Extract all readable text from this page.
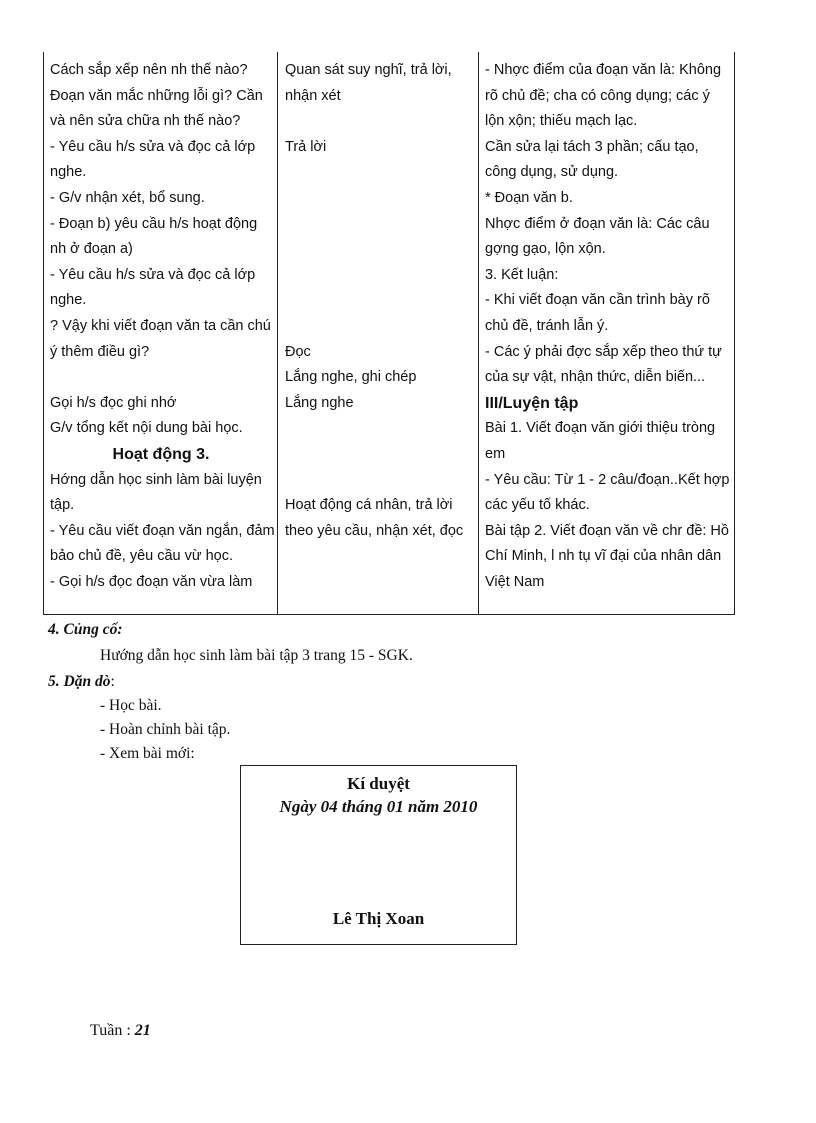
Cách sắp xếp nên nh thế nào?
Đoạn văn mắc những lỗi gì? Cần
và nên sửa chữa nh thế nào?
- Yêu cầu h/s sửa và đọc cả lớp
nghe.
- G/v nhận xét, bổ sung.
- Đoạn b) yêu cầu h/s hoạt động
nh ở đoạn a)
- Yêu cầu h/s sửa và đọc cả lớp
nghe.
? Vậy khi viết đoạn văn ta cần chú
ý thêm điều gì?
Gọi h/s đọc ghi nhớ
G/v tổng kết nội dung bài học.
Hoạt động 3.
Hớng dẫn học sinh làm bài luyện
tập.
- Yêu cầu viết đoạn văn ngắn, đảm
bảo chủ đề, yêu cầu vừ học.
- Gọi h/s đọc đoạn văn vừa làm
Quan sát suy nghĩ, trả lời,
nhận xét
Trả lời
Đọc
Lắng nghe, ghi chép
Lắng nghe
Hoạt động cá nhân, trả lời
theo yêu cầu, nhận xét, đọc
- Nhợc điểm của đoạn văn là: Không
rõ chủ đề; cha có công dụng; các ý
lộn xộn; thiếu mạch lạc.
Cần sửa lại tách 3 phần; cấu tạo,
công dụng, sử dụng.
* Đoạn văn b.
Nhợc điểm ở đoạn văn là: Các câu
gợng gạo, lộn xộn.
3. Kết luận:
- Khi viết đoạn văn cần trình bày rõ
chủ đề, tránh lẫn ý.
- Các ý phải đợc sắp xếp theo thứ tự
của sự vật, nhận thức, diễn biến...
III/Luyện tập
Bài 1. Viết đoạn văn giới thiệu tròng
em
- Yêu cầu: Từ 1 - 2 câu/đoạn..Kết hợp
các yếu tố khác.
Bài tập 2. Viết đoạn văn về chr đề: Hồ
Chí Minh, l nh tụ vĩ đại của nhân dân
Việt Nam
4. Củng cố:
Hướng dẫn học sinh làm bài tập 3 trang 15 - SGK.
5. Dặn dò:
- Học bài.
- Hoàn chỉnh bài tập.
- Xem bài mới:
Kí duyệt
Ngày 04 tháng 01 năm 2010
Lê Thị Xoan
Tuần : 21
